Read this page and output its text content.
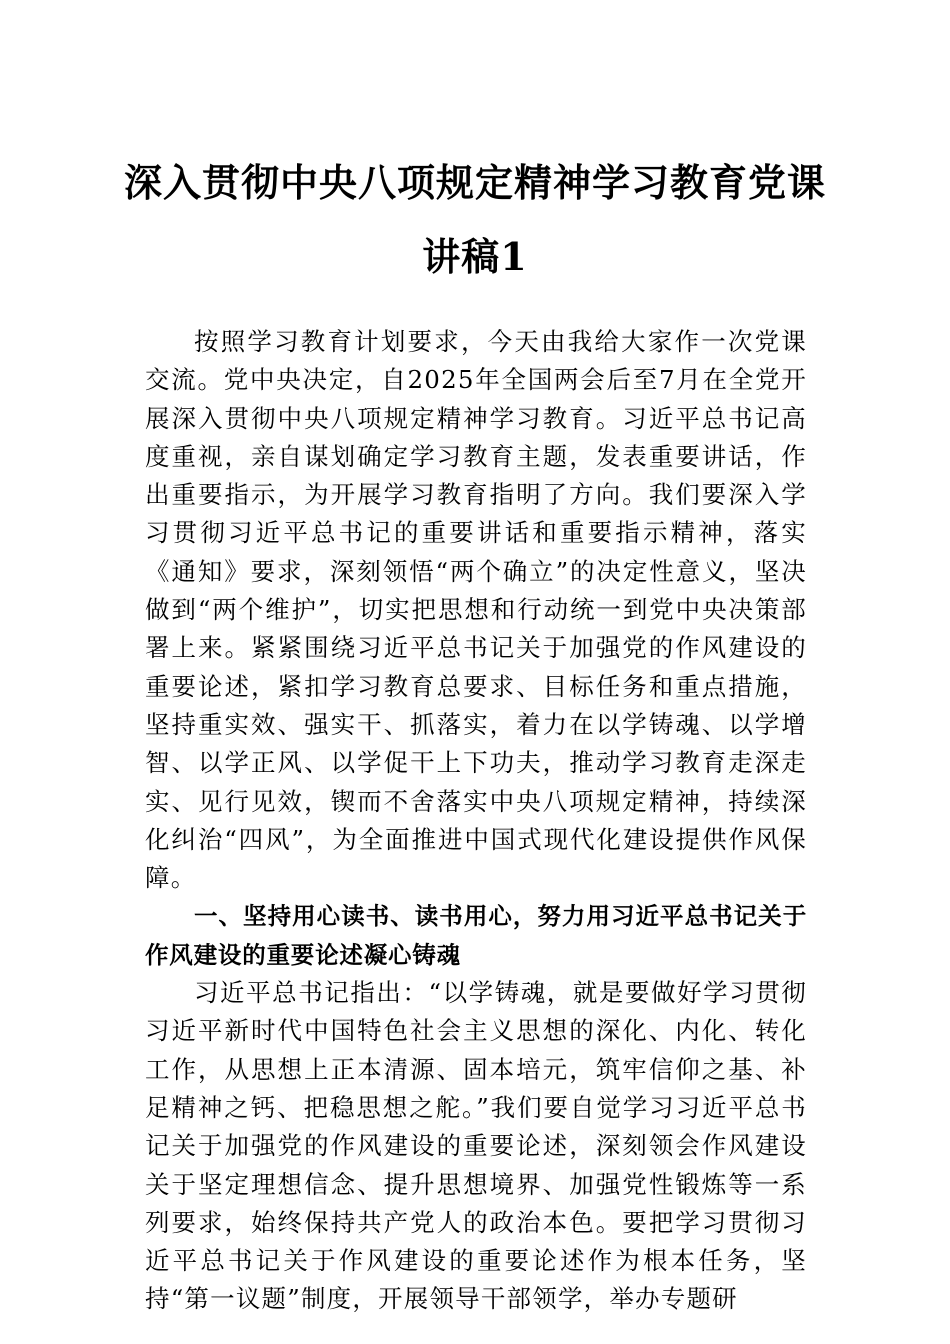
深入贯彻中央八项规定精神学习教育党课
讲稿1

按照学习教育计划要求，今天由我给大家作一次党课交流。党中央决定，自2025年全国两会后至7月在全党开展深入贯彻中央八项规定精神学习教育。习近平总书记高度重视，亲自谋划确定学习教育主题，发表重要讲话，作出重要指示，为开展学习教育指明了方向。我们要深入学习贯彻习近平总书记的重要讲话和重要指示精神，落实《通知》要求，深刻领悟“两个确立”的决定性意义，坚决做到“两个维护”，切实把思想和行动统一到党中央决策部署上来。紧紧围绕习近平总书记关于加强党的作风建设的重要论述，紧扣学习教育总要求、目标任务和重点措施，坚持重实效、强实干、抓落实，着力在以学铸魂、以学增智、以学正风、以学促干上下功夫，推动学习教育走深走实、见行见效，锲而不舍落实中央八项规定精神，持续深化纠治“四风”，为全面推进中国式现代化建设提供作风保障。

一、坚持用心读书、读书用心，努力用习近平总书记关于作风建设的重要论述凝心铸魂

习近平总书记指出：“以学铸魂，就是要做好学习贯彻习近平新时代中国特色社会主义思想的深化、内化、转化工作，从思想上正本清源、固本培元，筑牢信仰之基、补足精神之钙、把稳思想之舵。”我们要自觉学习习近平总书记关于加强党的作风建设的重要论述，深刻领会作风建设关于坚定理想信念、提升思想境界、加强党性锻炼等一系列要求，始终保持共产党人的政治本色。要把学习贯彻习近平总书记关于作风建设的重要论述作为根本任务，坚持“第一议题”制度，开展领导干部领学，举办专题研
